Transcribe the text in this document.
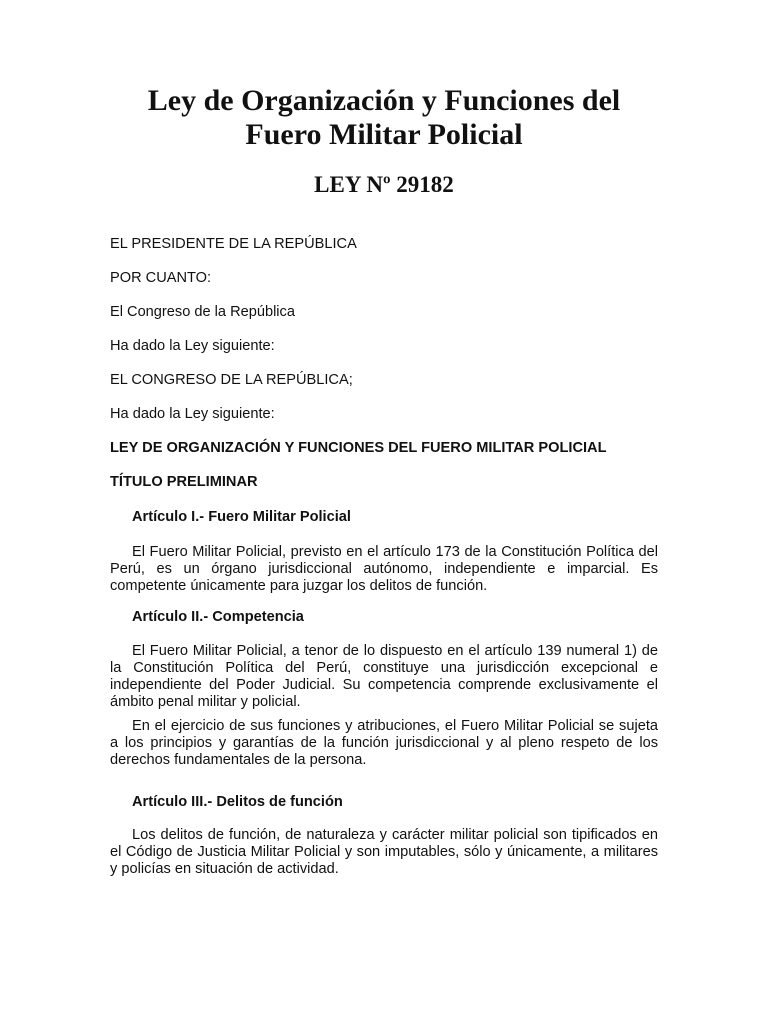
Ley de Organización y Funciones del
Fuero Militar Policial
LEY Nº 29182
EL PRESIDENTE DE LA REPÚBLICA
POR CUANTO:
El Congreso de la República
Ha dado la Ley siguiente:
EL CONGRESO DE LA REPÚBLICA;
Ha dado la Ley siguiente:
LEY DE ORGANIZACIÓN Y FUNCIONES DEL FUERO MILITAR POLICIAL
TÍTULO PRELIMINAR
Artículo I.- Fuero Militar Policial
El Fuero Militar Policial, previsto en el artículo 173 de la Constitución Política del Perú, es un órgano jurisdiccional autónomo, independiente e imparcial. Es competente únicamente para juzgar los delitos de función.
Artículo II.- Competencia
El Fuero Militar Policial, a tenor de lo dispuesto en el artículo 139 numeral 1) de la Constitución Política del Perú, constituye una jurisdicción excepcional e independiente del Poder Judicial. Su competencia comprende exclusivamente el ámbito penal militar y policial.
En el ejercicio de sus funciones y atribuciones, el Fuero Militar Policial se sujeta a los principios y garantías de la función jurisdiccional y al pleno respeto de los derechos fundamentales de la persona.
Artículo III.- Delitos de función
Los delitos de función, de naturaleza y carácter militar policial son tipificados en el Código de Justicia Militar Policial y son imputables, sólo y únicamente, a militares y policías en situación de actividad.
